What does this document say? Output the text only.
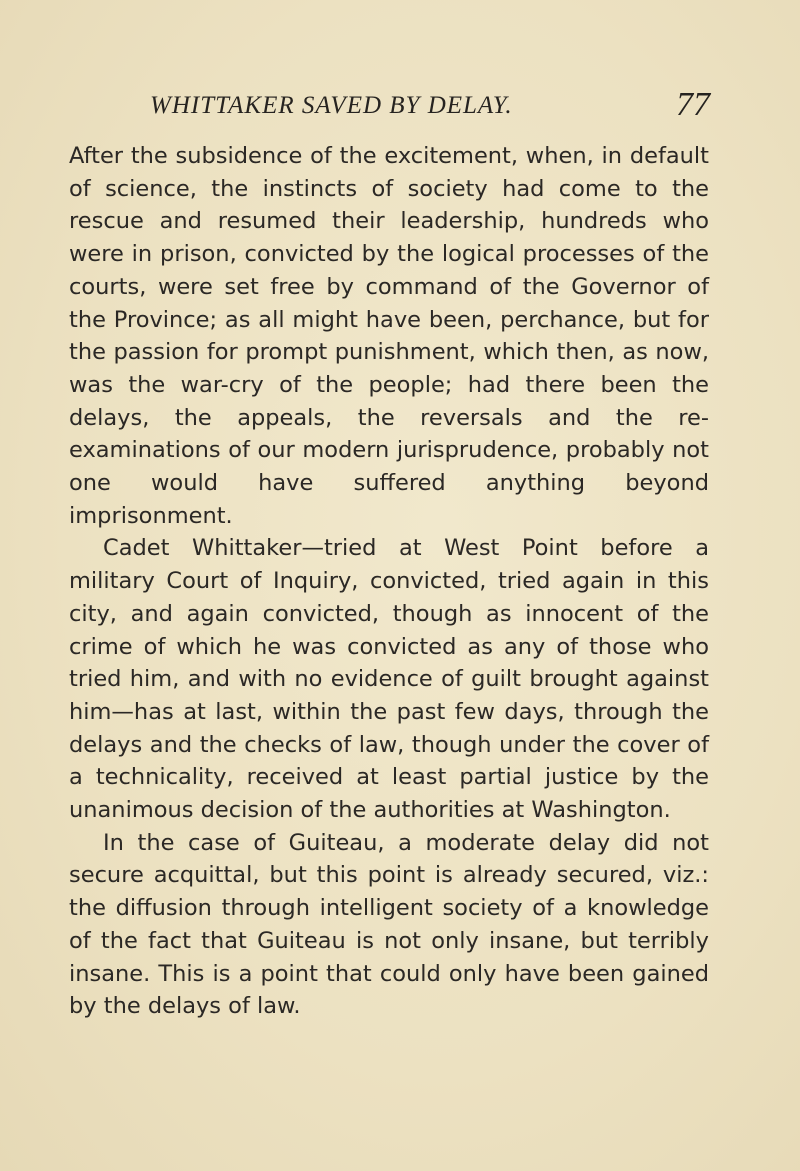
WHITTAKER SAVED BY DELAY.	77

After the subsidence of the excitement, when, in default of science, the instincts of society had come to the rescue and resumed their leadership, hundreds who were in prison, convicted by the logical processes of the courts, were set free by command of the Governor of the Province; as all might have been, perchance, but for the passion for prompt punishment, which then, as now, was the war-cry of the people; had there been the delays, the appeals, the reversals and the re-examinations of our modern jurisprudence, probably not one would have suffered anything beyond imprisonment.

Cadet Whittaker—tried at West Point before a military Court of Inquiry, convicted, tried again in this city, and again convicted, though as innocent of the crime of which he was convicted as any of those who tried him, and with no evidence of guilt brought against him—has at last, within the past few days, through the delays and the checks of law, though under the cover of a technicality, received at least partial justice by the unanimous decision of the authorities at Washington.

In the case of Guiteau, a moderate delay did not secure acquittal, but this point is already secured, viz.: the diffusion through intelligent society of a knowledge of the fact that Guiteau is not only insane, but terribly insane. This is a point that could only have been gained by the delays of law.
